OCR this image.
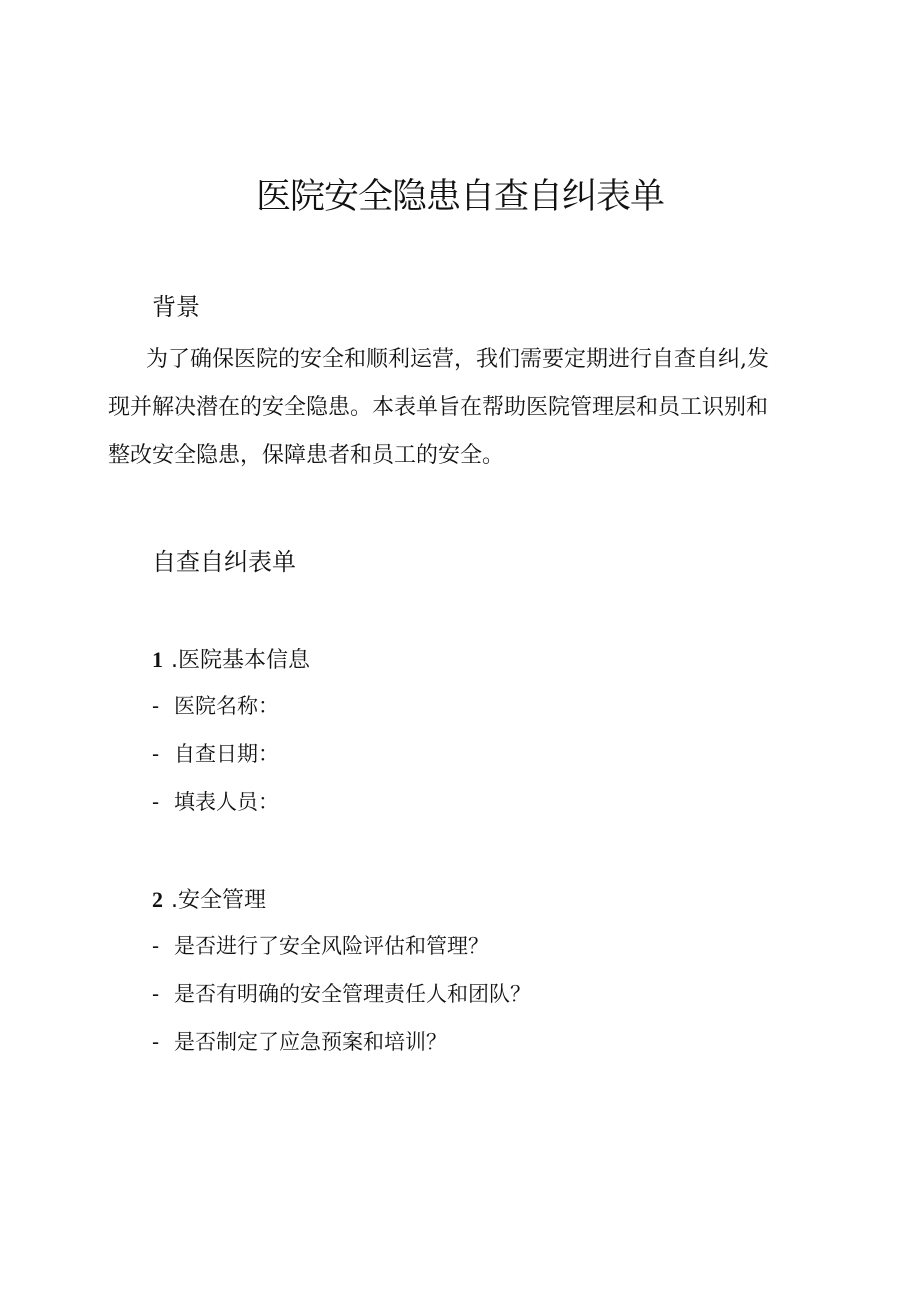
医院安全隐患自查自纠表单
背景

为了确保医院的安全和顺利运营，我们需要定期进行自查自纠,发
现并解决潜在的安全隐患。本表单旨在帮助医院管理层和员工识别和
整改安全隐患，保障患者和员工的安全。

自查自纠表单
1 .医院基本信息
- 医院名称：
- 自查日期：
- 填表人员：
2 .安全管理
- 是否进行了安全风险评估和管理？
- 是否有明确的安全管理责任人和团队？
- 是否制定了应急预案和培训？
